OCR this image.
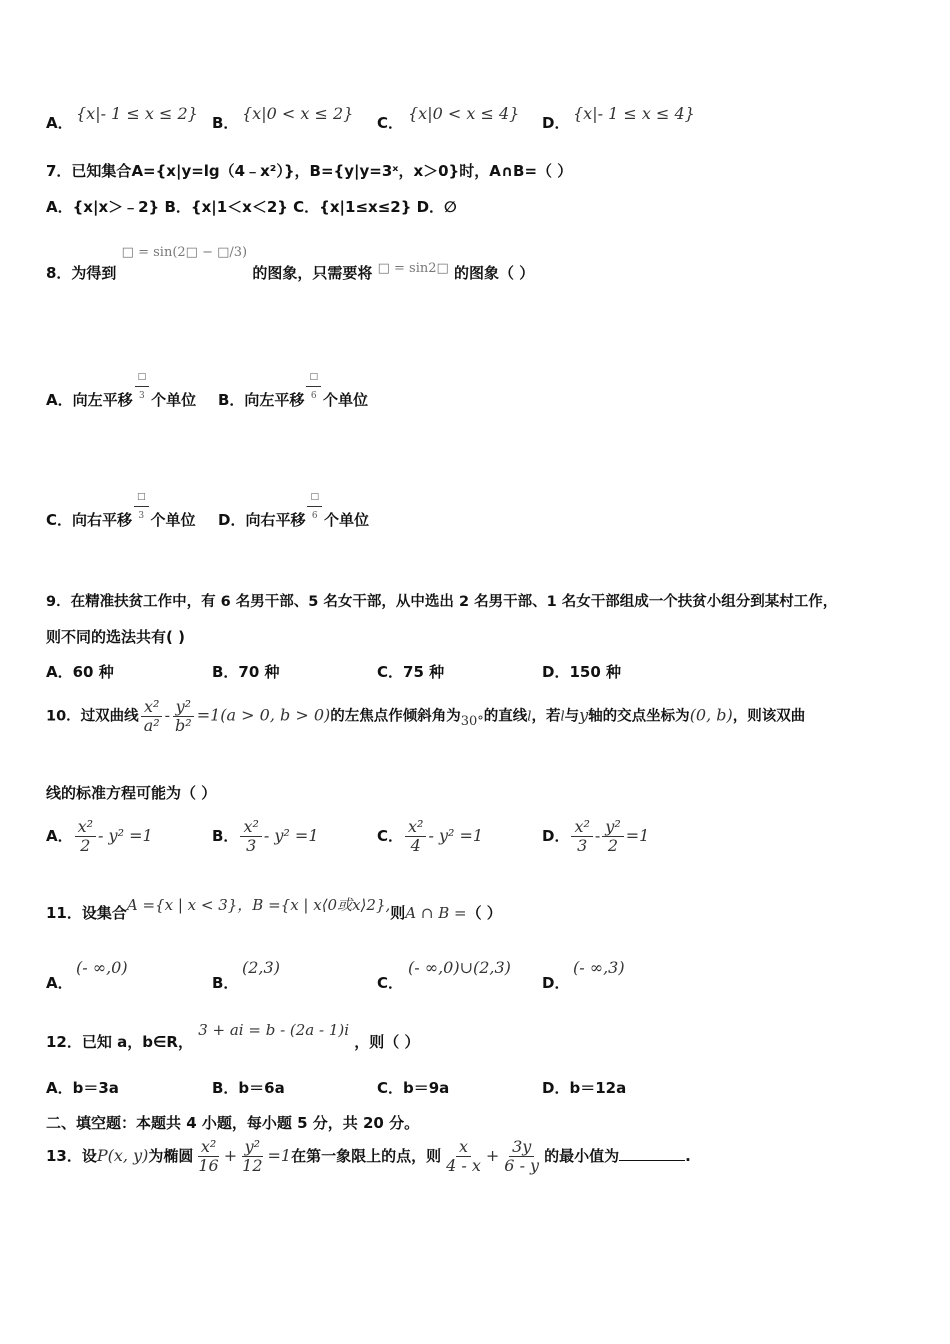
A． {x|- 1 ≤ x ≤ 2} B． {x|0 < x ≤ 2} C． {x|0 < x ≤ 4} D． {x|- 1 ≤ x ≤ 4}
7．已知集合A={x|y=lg（4﹣x²）}，B={y|y=3ˣ，x＞0}时，A∩B=（ ）
A．{x|x＞﹣2} B．{x|1＜x＜2} C．{x|1≤x≤2} D．∅
8．为得到 □ = sin(2□ − □/3) 的图象，只需要将 □ = sin2□ 的图象（ ）
A．向左平移 $\frac{□}{3}$ 个单位 B．向左平移 $\frac{□}{6}$ 个单位
C．向右平移 $\frac{□}{3}$ 个单位 D．向右平移 $\frac{□}{6}$ 个单位
9．在精准扶贫工作中，有 6 名男干部、5 名女干部，从中选出 2 名男干部、1 名女干部组成一个扶贫小组分到某村工作，
则不同的选法共有( )
A．60 种	B．70 种	C．75 种	D．150 种
10．过双曲线 $\frac{\text{x²}}{\text{a²}} - \frac{\text{y²}}{\text{b²}} =1(a > 0$, b > 0)的左焦点作倾斜角为30°的直线l，若l与y轴的交点坐标为(0, b)，则该双曲
线的标准方程可能为（ ）
A． $\frac{\text{x²}}{2} - y^2 =1$	B． $\frac{\text{x²}}{3} - y^2 =1$	C． $\frac{\text{x²}}{4} - y^2 =1$	D． $\frac{\text{x²}}{3} - \frac{\text{y²}}{2} =1$
11．设集合A ={x | x < 3}，B ={x | x⟨0或x⟩2},则A ∩ B =（ ）
A．
(- ∞,0)
B．
(2,3)
C．
(- ∞,0)∪(2,3)
D．
(- ∞,3)
12．已知 a，b∈R， 3 + ai = b - (2a - 1)i ，则（ ）
A．b＝3a	B．b＝6a	C．b＝9a	D．b＝12a
二、填空题：本题共 4 小题，每小题 5 分，共 20 分。
13．设P(x, y)为椭圆 $\frac{\text{x²}}{16} + \frac{\text{y²}}{12} =1$在第一象限上的点，则 $\frac{x}{4 - x} + \frac{3y}{6 - y}$ 的最小值为	.
